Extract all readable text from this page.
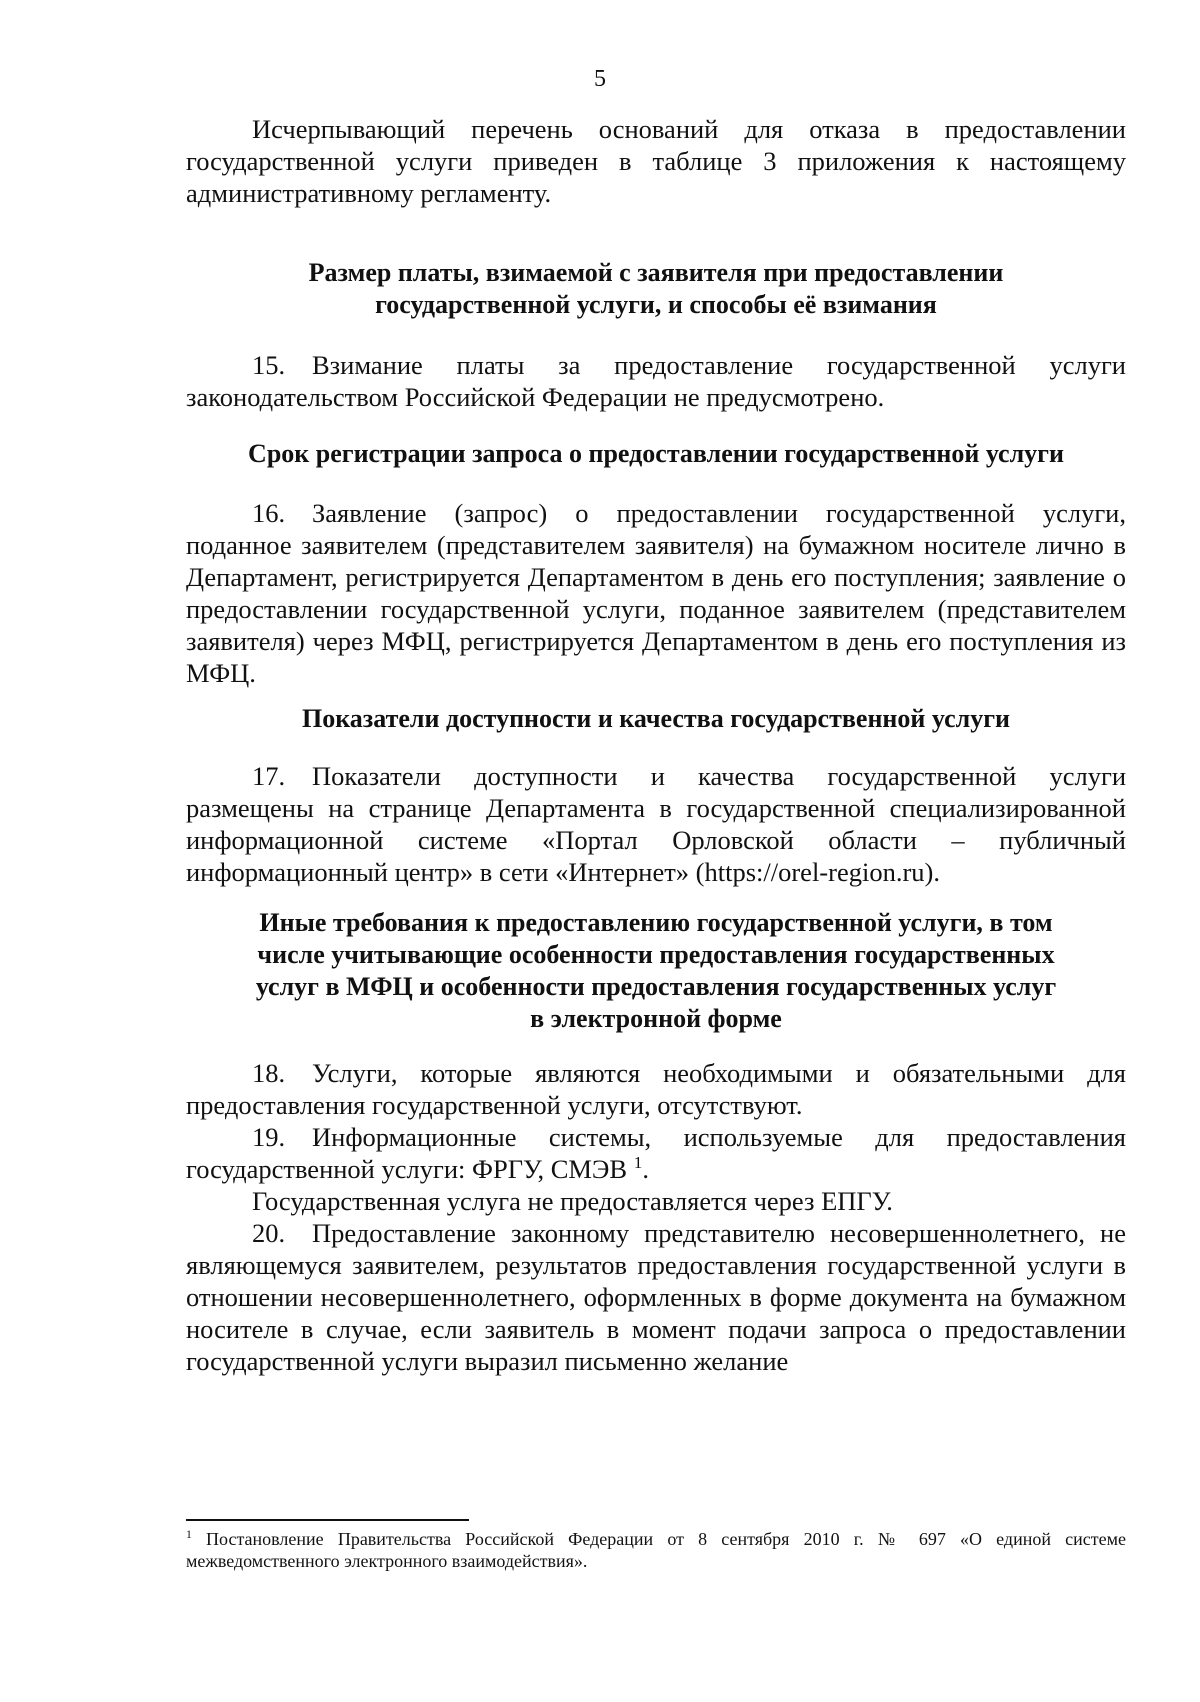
5

Исчерпывающий перечень оснований для отказа в предоставлении государственной услуги приведен в таблице 3 приложения к настоящему административному регламенту.

Размер платы, взимаемой с заявителя при предоставлении
государственной услуги, и способы её взимания

15. Взимание платы за предоставление государственной услуги законодательством Российской Федерации не предусмотрено.

Срок регистрации запроса о предоставлении государственной услуги

16. Заявление (запрос) о предоставлении государственной услуги, поданное заявителем (представителем заявителя) на бумажном носителе лично в Департамент, регистрируется Департаментом в день его поступления; заявление о предоставлении государственной услуги, поданное заявителем (представителем заявителя) через МФЦ, регистрируется Департаментом в день его поступления из МФЦ.

Показатели доступности и качества государственной услуги

17. Показатели доступности и качества государственной услуги размещены на странице Департамента в государственной специализированной информационной системе «Портал Орловской области – публичный информационный центр» в сети «Интернет» (https://orel-region.ru).

Иные требования к предоставлению государственной услуги, в том
числе учитывающие особенности предоставления государственных
услуг в МФЦ и особенности предоставления государственных услуг
в электронной форме

18. Услуги, которые являются необходимыми и обязательными для предоставления государственной услуги, отсутствуют.

19. Информационные системы, используемые для предоставления государственной услуги: ФРГУ, СМЭВ $^1$.

Государственная услуга не предоставляется через ЕПГУ.

20. Предоставление законному представителю несовершеннолетнего, не являющемуся заявителем, результатов предоставления государственной услуги в отношении несовершеннолетнего, оформленных в форме документа на бумажном носителе в случае, если заявитель в момент подачи запроса о предоставлении государственной услуги выразил письменно желание

$^1$ Постановление Правительства Российской Федерации от 8 сентября 2010 г. № 697 «О единой системе межведомственного электронного взаимодействия».
